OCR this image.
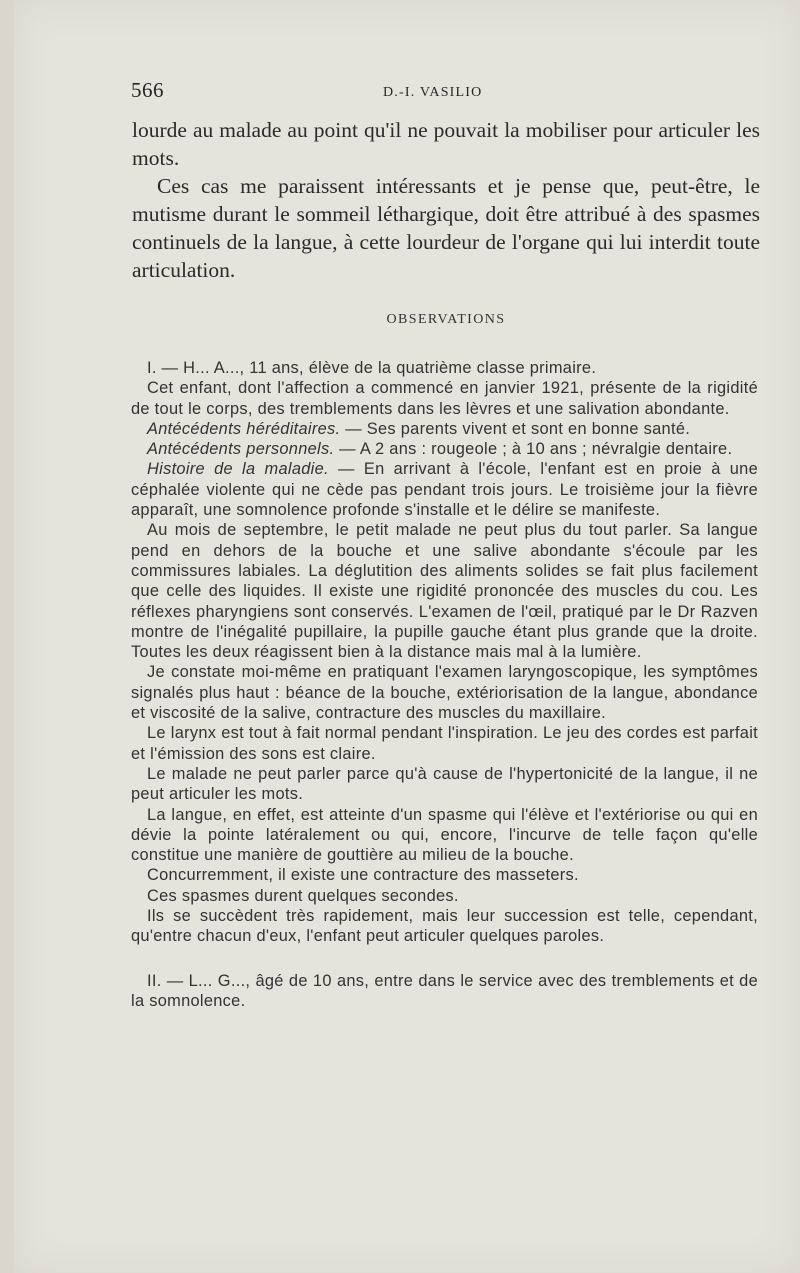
566	D.-I. VASILIO

lourde au malade au point qu'il ne pouvait la mobiliser pour articuler les mots.

Ces cas me paraissent intéressants et je pense que, peut-être, le mutisme durant le sommeil léthargique, doit être attribué à des spasmes continuels de la langue, à cette lourdeur de l'organe qui lui interdit toute articulation.

OBSERVATIONS

I. — H... A..., 11 ans, élève de la quatrième classe primaire.

Cet enfant, dont l'affection a commencé en janvier 1921, présente de la rigidité de tout le corps, des tremblements dans les lèvres et une salivation abondante.

Antécédents héréditaires. — Ses parents vivent et sont en bonne santé.

Antécédents personnels. — A 2 ans : rougeole ; à 10 ans ; névralgie dentaire.

Histoire de la maladie. — En arrivant à l'école, l'enfant est en proie à une céphalée violente qui ne cède pas pendant trois jours. Le troisième jour la fièvre apparaît, une somnolence profonde s'installe et le délire se manifeste.

Au mois de septembre, le petit malade ne peut plus du tout parler. Sa langue pend en dehors de la bouche et une salive abondante s'écoule par les commissures labiales. La déglutition des aliments solides se fait plus facilement que celle des liquides. Il existe une rigidité prononcée des muscles du cou. Les réflexes pharyngiens sont conservés. L'examen de l'œil, pratiqué par le Dr Razven montre de l'inégalité pupillaire, la pupille gauche étant plus grande que la droite. Toutes les deux réagissent bien à la distance mais mal à la lumière.

Je constate moi-même en pratiquant l'examen laryngoscopique, les symptômes signalés plus haut : béance de la bouche, extériorisation de la langue, abondance et viscosité de la salive, contracture des muscles du maxillaire.

Le larynx est tout à fait normal pendant l'inspiration. Le jeu des cordes est parfait et l'émission des sons est claire.

Le malade ne peut parler parce qu'à cause de l'hypertonicité de la langue, il ne peut articuler les mots.

La langue, en effet, est atteinte d'un spasme qui l'élève et l'extériorise ou qui en dévie la pointe latéralement ou qui, encore, l'incurve de telle façon qu'elle constitue une manière de gouttière au milieu de la bouche.

Concurremment, il existe une contracture des masseters.

Ces spasmes durent quelques secondes.

Ils se succèdent très rapidement, mais leur succession est telle, cependant, qu'entre chacun d'eux, l'enfant peut articuler quelques paroles.

II. — L... G..., âgé de 10 ans, entre dans le service avec des tremblements et de la somnolence.
